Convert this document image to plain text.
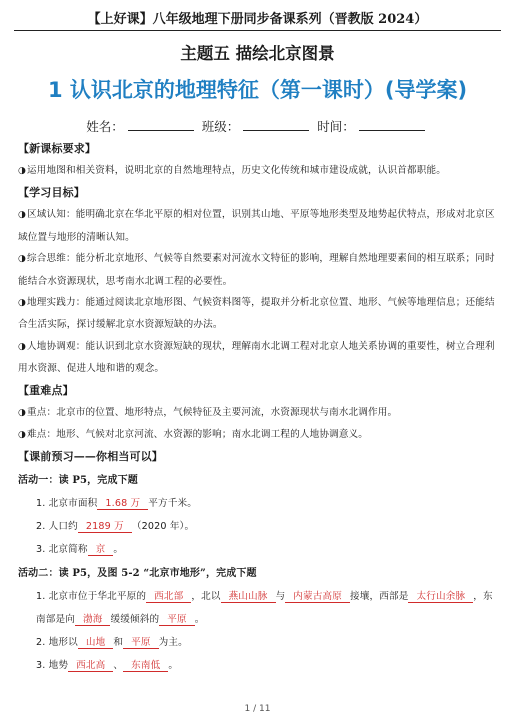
【上好课】八年级地理下册同步备课系列（晋教版 2024）
主题五 描绘北京图景
1 认识北京的地理特征（第一课时）(导学案)
姓名：	班级：	时间：

【新课标要求】

◑运用地图和相关资料，说明北京的自然地理特点，历史文化传统和城市建设成就，认识首都职能。

【学习目标】

◑区域认知：能明确北京在华北平原的相对位置，识别其山地、平原等地形类型及地势起伏特点，形成对北京区域位置与地形的清晰认知。

◑综合思维：能分析北京地形、气候等自然要素对河流水文特征的影响，理解自然地理要素间的相互联系；同时能结合水资源现状，思考南水北调工程的必要性。

◑地理实践力：能通过阅读北京地形图、气候资料图等，提取并分析北京位置、地形、气候等地理信息；还能结合生活实际，探讨缓解北京水资源短缺的办法。

◑人地协调观：能认识到北京水资源短缺的现状，理解南水北调工程对北京人地关系协调的重要性，树立合理利用水资源、促进人地和谐的观念。

【重难点】

◑重点：北京市的位置、地形特点，气候特征及主要河流，水资源现状与南水北调作用。

◑难点：地形、气候对北京河流、水资源的影响；南水北调工程的人地协调意义。

【课前预习——你相当可以】

活动一：读 P5，完成下题

1. 北京市面积 1.68 万 平方千米。

2. 人口约 2189 万 （2020 年）。

3. 北京简称 京 。

活动二：读 P5，及图 5-2 “北京市地形”，完成下题

1. 北京市位于华北平原的 西北部 ，北以 燕山山脉 与 内蒙古高原 接壤，西部是 太行山余脉 ，东南部是向 渤海 缓缓倾斜的 平原 。

2. 地形以 山地 和 平原 为主。

3. 地势 西北高 、 东南低 。

1 / 11
